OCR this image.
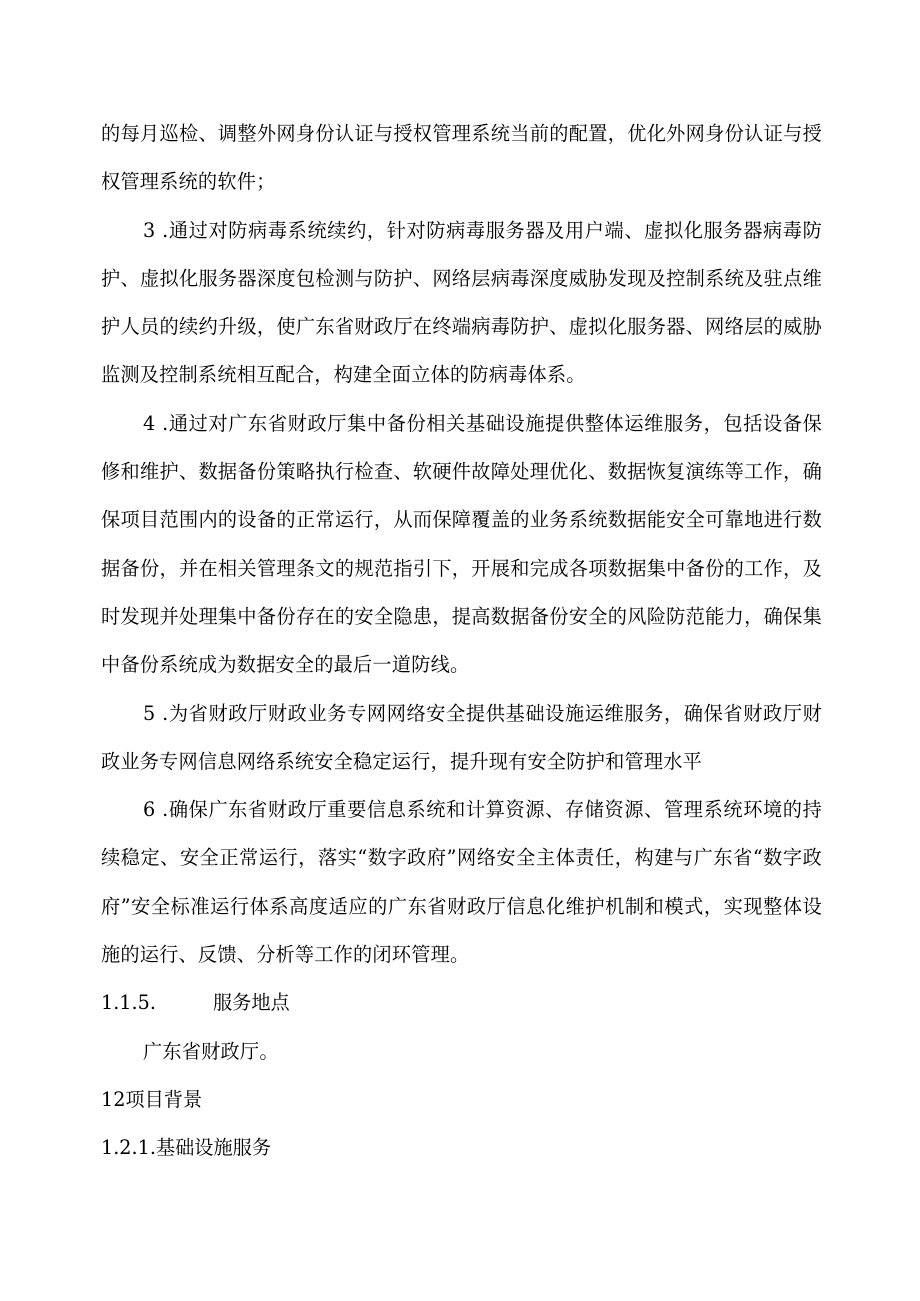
的每月巡检、调整外网身份认证与授权管理系统当前的配置，优化外网身份认证与授权管理系统的软件；

3 .通过对防病毒系统续约，针对防病毒服务器及用户端、虚拟化服务器病毒防护、虚拟化服务器深度包检测与防护、网络层病毒深度威胁发现及控制系统及驻点维护人员的续约升级，使广东省财政厅在终端病毒防护、虚拟化服务器、网络层的威胁监测及控制系统相互配合，构建全面立体的防病毒体系。

4 .通过对广东省财政厅集中备份相关基础设施提供整体运维服务，包括设备保修和维护、数据备份策略执行检查、软硬件故障处理优化、数据恢复演练等工作，确保项目范围内的设备的正常运行，从而保障覆盖的业务系统数据能安全可靠地进行数据备份，并在相关管理条文的规范指引下，开展和完成各项数据集中备份的工作，及时发现并处理集中备份存在的安全隐患，提高数据备份安全的风险防范能力，确保集中备份系统成为数据安全的最后一道防线。

5 .为省财政厅财政业务专网网络安全提供基础设施运维服务，确保省财政厅财政业务专网信息网络系统安全稳定运行，提升现有安全防护和管理水平

6 .确保广东省财政厅重要信息系统和计算资源、存储资源、管理系统环境的持续稳定、安全正常运行，落实“数字政府”网络安全主体责任，构建与广东省“数字政府”安全标准运行体系高度适应的广东省财政厅信息化维护机制和模式，实现整体设施的运行、反馈、分析等工作的闭环管理。

1.1.5.	服务地点

广东省财政厅。

12项目背景
1.2.1.基础设施服务
